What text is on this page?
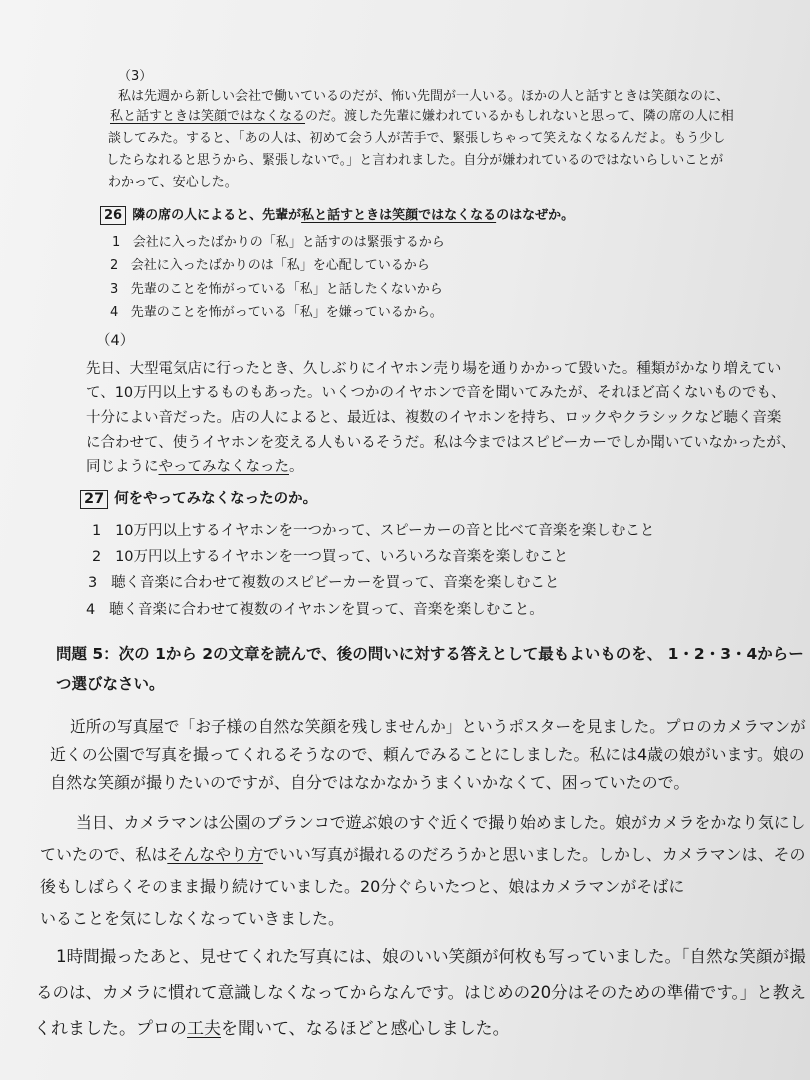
（3）
私は先週から新しい会社で働いているのだが、怖い先間が一人いる。ほかの人と話すときは笑顔なのに、
私と話すときは笑顔ではなくなるのだ。渡した先輩に嫌われているかもしれないと思って、隣の席の人に相
談してみた。すると、「あの人は、初めて会う人が苦手で、緊張しちゃって笑えなくなるんだよ。もう少し
したらなれると思うから、緊張しないで。」と言われました。自分が嫌われているのではないらしいことが
わかって、安心した。
26 隣の席の人によると、先輩が私と話すときは笑顔ではなくなるのはなぜか。
1 会社に入ったばかりの「私」と話すのは緊張するから
2 会社に入ったばかりのは「私」を心配しているから
3 先輩のことを怖がっている「私」と話したくないから
4 先輩のことを怖がっている「私」を嫌っているから。
（4）
先日、大型電気店に行ったとき、久しぶりにイヤホン売り場を通りかかって毀いた。種類がかなり増えてい
て、10万円以上するものもあった。いくつかのイヤホンで音を聞いてみたが、それほど高くないものでも、
十分によい音だった。店の人によると、最近は、複数のイヤホンを持ち、ロックやクラシックなど聴く音楽
に合わせて、使うイヤホンを変える人もいるそうだ。私は今まではスピビーカーでしか聞いていなかったが、
同じようにやってみなくなった。
27 何をやってみなくなったのか。
1 10万円以上するイヤホンを一つかって、スピーカーの音と比べて音楽を楽しむこと
2 10万円以上するイヤホンを一つ買って、いろいろな音楽を楽しむこと
3 聴く音楽に合わせて複数のスピビーカーを買って、音楽を楽しむこと
4 聴く音楽に合わせて複数のイヤホンを買って、音楽を楽しむこと。
問題 5：次の 1から 2の文章を読んで、後の問いに対する答えとして最もよいものを、 1・2・3・4からー
つ選びなさい。
近所の写真屋で「お子様の自然な笑顔を残しませんか」というポスターを見ました。プロのカメラマンが
近くの公園で写真を撮ってくれるそうなので、頼んでみることにしました。私には4歳の娘がいます。娘の
自然な笑顔が撮りたいのですが、自分ではなかなかうまくいかなくて、困っていたので。
当日、カメラマンは公園のブランコで遊ぶ娘のすぐ近くで撮り始めました。娘がカメラをかなり気にし
ていたので、私はそんなやり方でいい写真が撮れるのだろうかと思いました。しかし、カメラマンは、その
後もしばらくそのまま撮り続けていました。20分ぐらいたつと、娘はカメラマンがそばに
いることを気にしなくなっていきました。
1時間撮ったあと、見せてくれた写真には、娘のいい笑顔が何枚も写っていました。「自然な笑顔が撮
るのは、カメラに慣れて意識しなくなってからなんです。はじめの20分はそのための準備です。」と教え
くれました。プロの工夫を聞いて、なるほどと感心しました。
